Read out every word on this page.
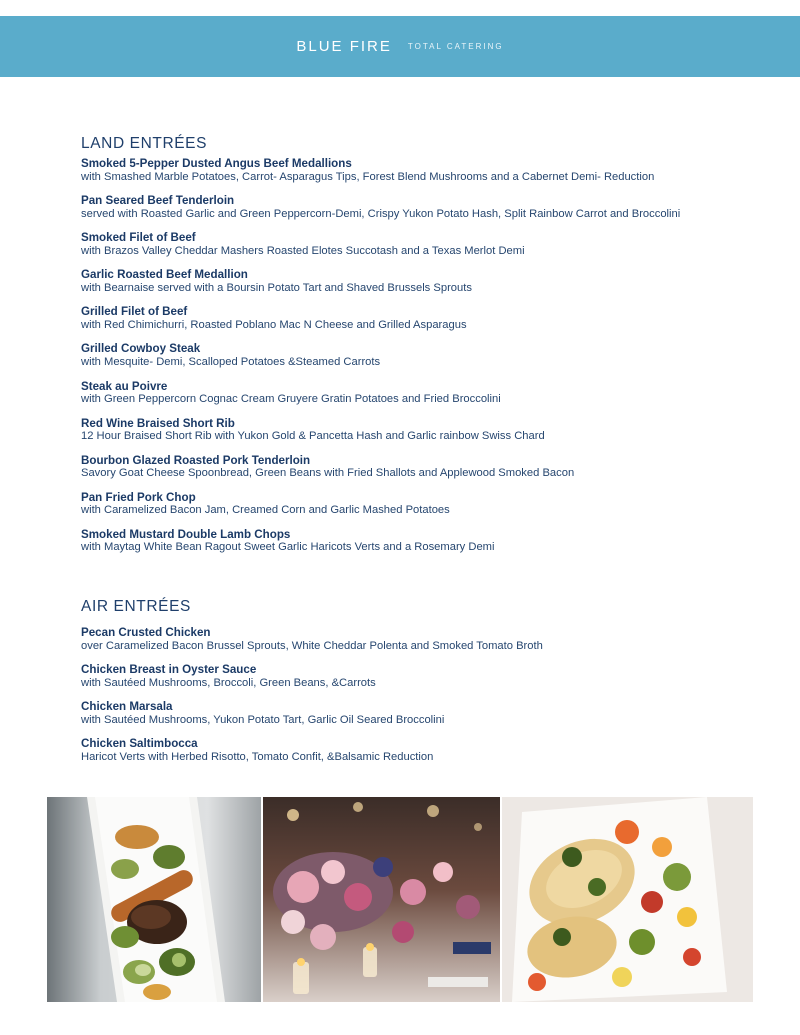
BLUE FIRE TOTAL CATERING
LAND ENTRÉES
Smoked 5-Pepper Dusted Angus Beef Medallions
with Smashed Marble Potatoes, Carrot- Asparagus Tips, Forest Blend Mushrooms and a Cabernet Demi- Reduction
Pan Seared Beef Tenderloin
served with Roasted Garlic and Green Peppercorn-Demi, Crispy Yukon Potato Hash, Split Rainbow Carrot and Broccolini
Smoked Filet of Beef
with Brazos Valley Cheddar Mashers Roasted Elotes Succotash and a Texas Merlot Demi
Garlic Roasted Beef Medallion
with Bearnaise served with a Boursin Potato Tart and Shaved Brussels Sprouts
Grilled Filet of Beef
with Red Chimichurri, Roasted Poblano Mac N Cheese and Grilled Asparagus
Grilled Cowboy Steak
with Mesquite- Demi, Scalloped Potatoes &Steamed Carrots
Steak au Poivre
with Green Peppercorn Cognac Cream Gruyere Gratin Potatoes and Fried Broccolini
Red Wine Braised Short Rib
12 Hour Braised Short Rib with Yukon Gold & Pancetta Hash and Garlic rainbow Swiss Chard
Bourbon Glazed Roasted Pork Tenderloin
Savory Goat Cheese Spoonbread, Green Beans with Fried Shallots and Applewood Smoked Bacon
Pan Fried Pork Chop
with Caramelized Bacon Jam, Creamed Corn and Garlic Mashed Potatoes
Smoked Mustard Double Lamb Chops
with Maytag White Bean Ragout Sweet Garlic Haricots Verts and a Rosemary Demi
AIR ENTRÉES
Pecan Crusted Chicken
over Caramelized Bacon Brussel Sprouts, White Cheddar Polenta and Smoked Tomato Broth
Chicken Breast in Oyster Sauce
with Sautéed Mushrooms, Broccoli, Green Beans, &Carrots
Chicken Marsala
with Sautéed Mushrooms, Yukon Potato Tart, Garlic Oil Seared Broccolini
Chicken Saltimbocca
Haricot Verts with Herbed Risotto, Tomato Confit, &Balsamic Reduction
